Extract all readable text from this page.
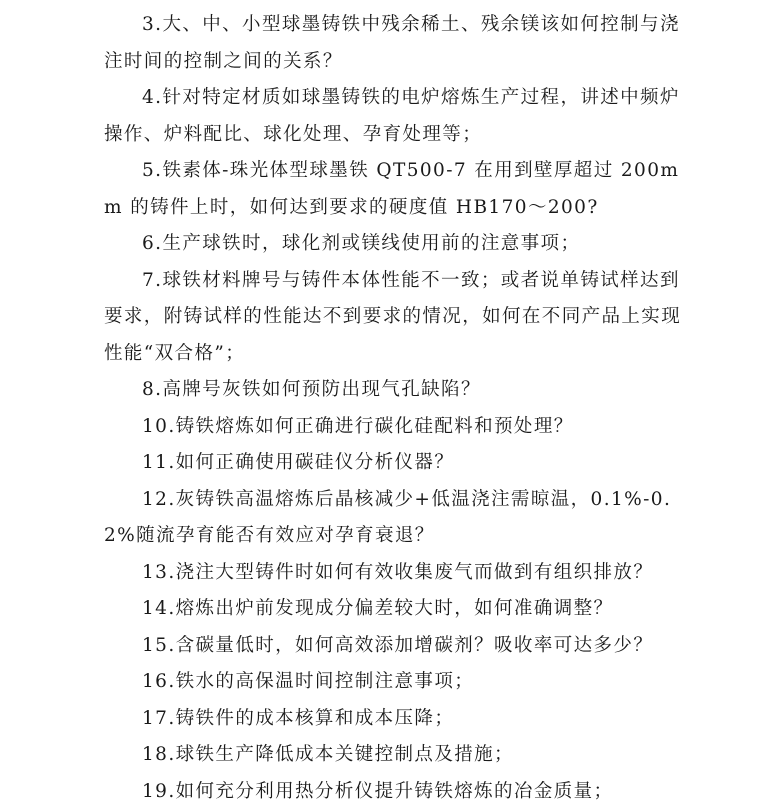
3.大、中、小型球墨铸铁中残余稀土、残余镁该如何控制与浇注时间的控制之间的关系？

4.针对特定材质如球墨铸铁的电炉熔炼生产过程，讲述中频炉操作、炉料配比、球化处理、孕育处理等；

5.铁素体-珠光体型球墨铁 QT500-7 在用到壁厚超过 200mm 的铸件上时，如何达到要求的硬度值 HB170～200?

6.生产球铁时，球化剂或镁线使用前的注意事项；

7.球铁材料牌号与铸件本体性能不一致；或者说单铸试样达到要求，附铸试样的性能达不到要求的情况，如何在不同产品上实现性能“双合格”；

8.高牌号灰铁如何预防出现气孔缺陷？

10.铸铁熔炼如何正确进行碳化硅配料和预处理？

11.如何正确使用碳硅仪分析仪器？

12.灰铸铁高温熔炼后晶核减少+低温浇注需晾温，0.1%-0.2%随流孕育能否有效应对孕育衰退？

13.浇注大型铸件时如何有效收集废气而做到有组织排放？

14.熔炼出炉前发现成分偏差较大时，如何准确调整？

15.含碳量低时，如何高效添加增碳剂？吸收率可达多少？

16.铁水的高保温时间控制注意事项；

17.铸铁件的成本核算和成本压降；

18.球铁生产降低成本关键控制点及措施；

19.如何充分利用热分析仪提升铸铁熔炼的冶金质量；
